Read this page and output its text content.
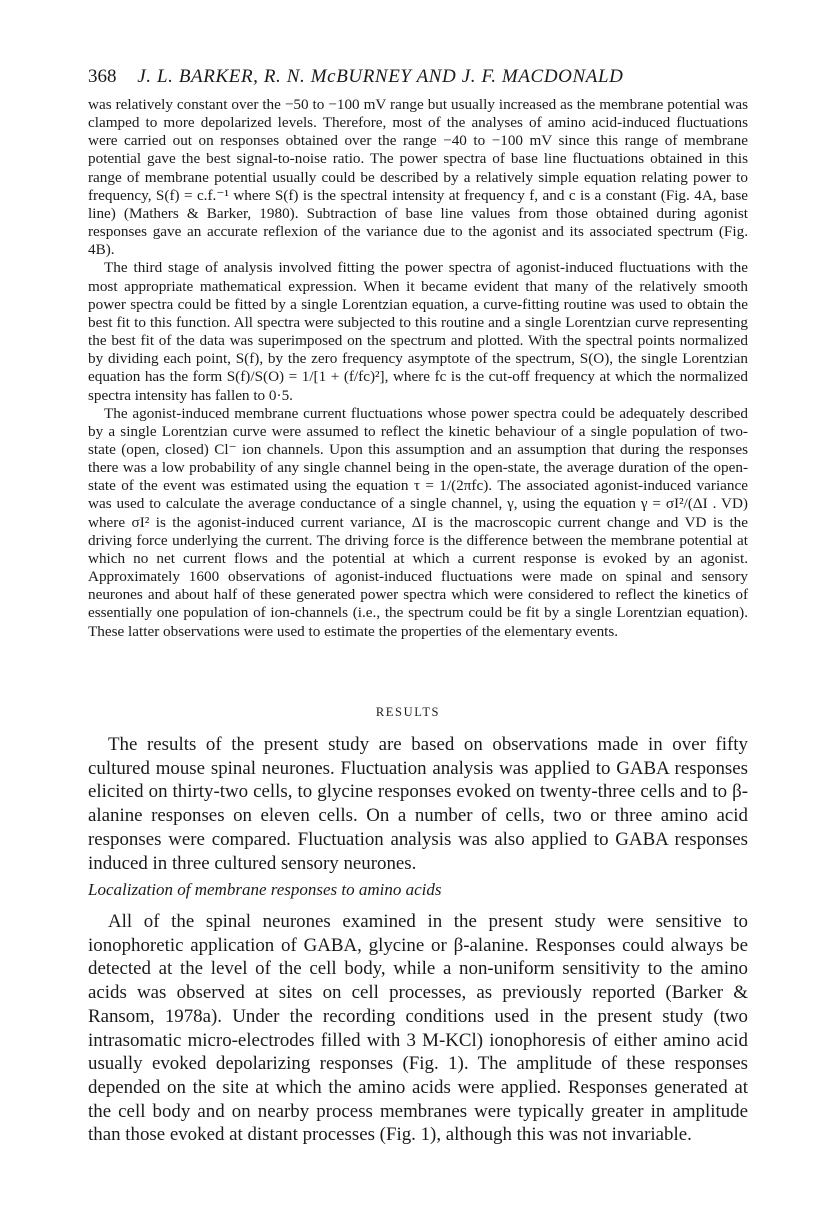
368 J. L. BARKER, R. N. McBURNEY AND J. F. MACDONALD

was relatively constant over the −50 to −100 mV range but usually increased as the membrane potential was clamped to more depolarized levels. Therefore, most of the analyses of amino acid-induced fluctuations were carried out on responses obtained over the range −40 to −100 mV since this range of membrane potential gave the best signal-to-noise ratio. The power spectra of base line fluctuations obtained in this range of membrane potential usually could be described by a relatively simple equation relating power to frequency, S(f) = c.f.⁻¹ where S(f) is the spectral intensity at frequency f, and c is a constant (Fig. 4A, base line) (Mathers & Barker, 1980). Subtraction of base line values from those obtained during agonist responses gave an accurate reflexion of the variance due to the agonist and its associated spectrum (Fig. 4B).

The third stage of analysis involved fitting the power spectra of agonist-induced fluctuations with the most appropriate mathematical expression. When it became evident that many of the relatively smooth power spectra could be fitted by a single Lorentzian equation, a curve-fitting routine was used to obtain the best fit to this function. All spectra were subjected to this routine and a single Lorentzian curve representing the best fit of the data was superimposed on the spectrum and plotted. With the spectral points normalized by dividing each point, S(f), by the zero frequency asymptote of the spectrum, S(O), the single Lorentzian equation has the form S(f)/S(O) = 1/[1 + (f/fc)²], where fc is the cut-off frequency at which the normalized spectra intensity has fallen to 0·5.

The agonist-induced membrane current fluctuations whose power spectra could be adequately described by a single Lorentzian curve were assumed to reflect the kinetic behaviour of a single population of two-state (open, closed) Cl⁻ ion channels. Upon this assumption and an assumption that during the responses there was a low probability of any single channel being in the open-state, the average duration of the open-state of the event was estimated using the equation τ = 1/(2πfc). The associated agonist-induced variance was used to calculate the average conductance of a single channel, γ, using the equation γ = σI²/(ΔI . VD) where σI² is the agonist-induced current variance, ΔI is the macroscopic current change and VD is the driving force underlying the current. The driving force is the difference between the membrane potential at which no net current flows and the potential at which a current response is evoked by an agonist. Approximately 1600 observations of agonist-induced fluctuations were made on spinal and sensory neurones and about half of these generated power spectra which were considered to reflect the kinetics of essentially one population of ion-channels (i.e., the spectrum could be fit by a single Lorentzian equation). These latter observations were used to estimate the properties of the elementary events.

RESULTS

The results of the present study are based on observations made in over fifty cultured mouse spinal neurones. Fluctuation analysis was applied to GABA responses elicited on thirty-two cells, to glycine responses evoked on twenty-three cells and to β-alanine responses on eleven cells. On a number of cells, two or three amino acid responses were compared. Fluctuation analysis was also applied to GABA responses induced in three cultured sensory neurones.

Localization of membrane responses to amino acids

All of the spinal neurones examined in the present study were sensitive to ionophoretic application of GABA, glycine or β-alanine. Responses could always be detected at the level of the cell body, while a non-uniform sensitivity to the amino acids was observed at sites on cell processes, as previously reported (Barker & Ransom, 1978a). Under the recording conditions used in the present study (two intrasomatic micro-electrodes filled with 3 M-KCl) ionophoresis of either amino acid usually evoked depolarizing responses (Fig. 1). The amplitude of these responses depended on the site at which the amino acids were applied. Responses generated at the cell body and on nearby process membranes were typically greater in amplitude than those evoked at distant processes (Fig. 1), although this was not invariable.
